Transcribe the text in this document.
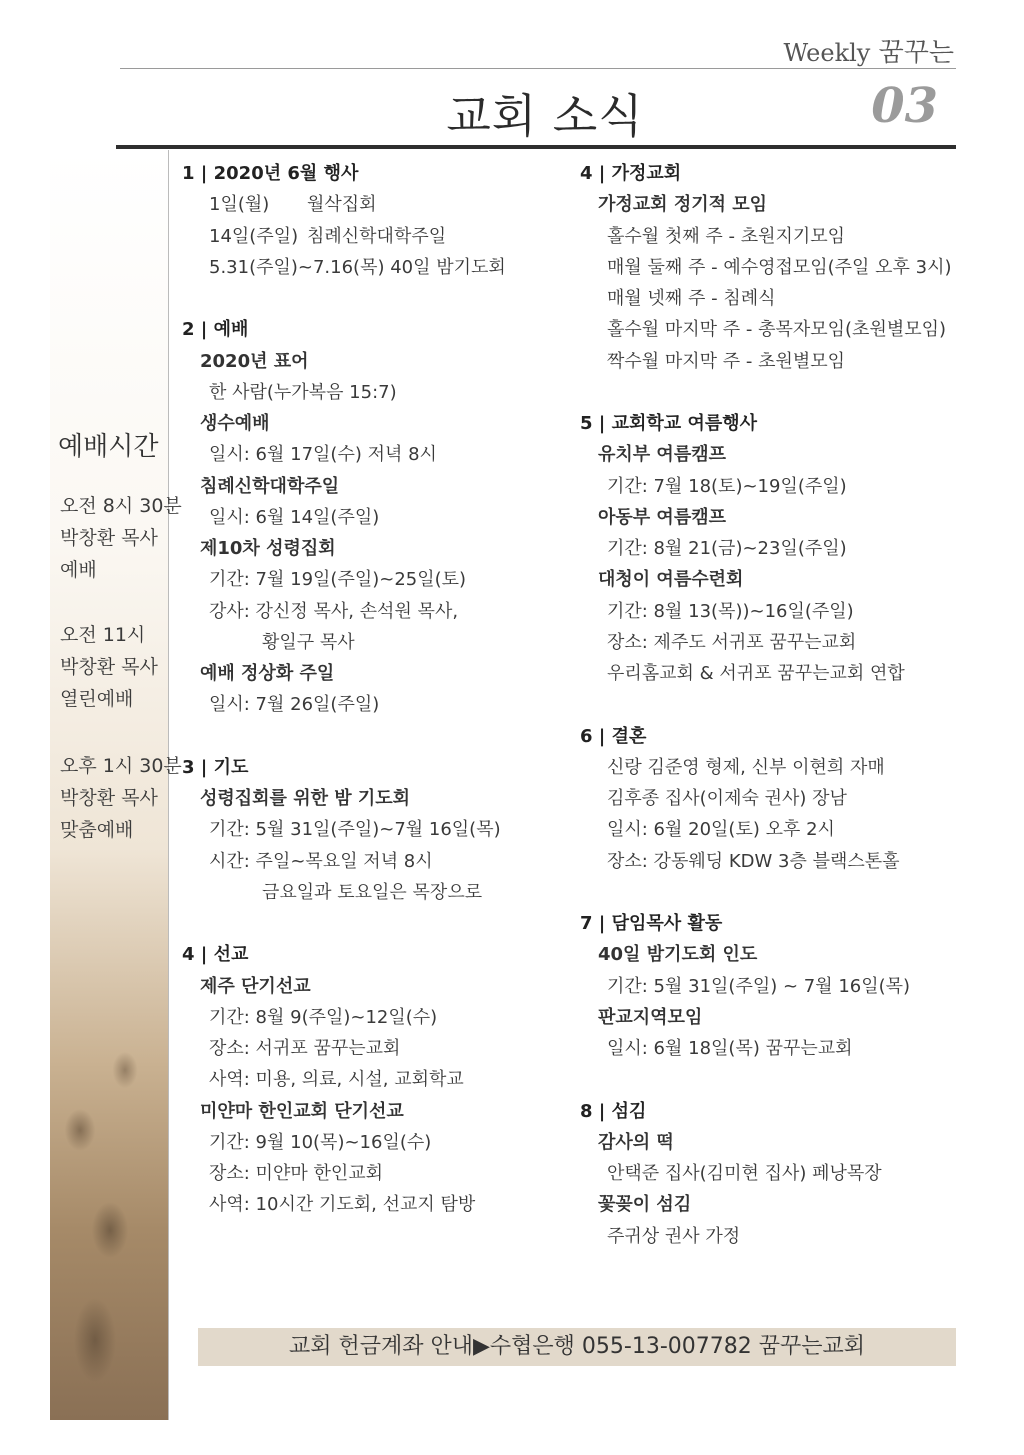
Weekly 꿈꾸는
교회 소식	03
예배시간
오전 8시 30분
박창환 목사
예배
오전 11시
박창환 목사
열린예배
오후 1시 30분
박창환 목사
맞춤예배
1 | 2020년 6월 행사
1일(월) 월삭집회
14일(주일) 침례신학대학주일
5.31(주일)~7.16(목) 40일 밤기도회
2 | 예배
2020년 표어
한 사람(누가복음 15:7)
생수예배
일시: 6월 17일(수) 저녁 8시
침례신학대학주일
일시: 6월 14일(주일)
제10차 성령집회
기간: 7월 19일(주일)~25일(토)
강사: 강신정 목사, 손석원 목사,
황일구 목사
예배 정상화 주일
일시: 7월 26일(주일)
3 | 기도
성령집회를 위한 밤 기도회
기간: 5월 31일(주일)~7월 16일(목)
시간: 주일~목요일 저녁 8시
금요일과 토요일은 목장으로
4 | 선교
제주 단기선교
기간: 8월 9(주일)~12일(수)
장소: 서귀포 꿈꾸는교회
사역: 미용, 의료, 시설, 교회학교
미얀마 한인교회 단기선교
기간: 9월 10(목)~16일(수)
장소: 미얀마 한인교회
사역: 10시간 기도회, 선교지 탐방
4 | 가정교회
가정교회 정기적 모임
홀수월 첫째 주 - 초원지기모임
매월 둘째 주 - 예수영접모임(주일 오후 3시)
매월 넷째 주 - 침례식
홀수월 마지막 주 - 총목자모임(초원별모임)
짝수월 마지막 주 - 초원별모임
5 | 교회학교 여름행사
유치부 여름캠프
기간: 7월 18(토)~19일(주일)
아동부 여름캠프
기간: 8월 21(금)~23일(주일)
대청이 여름수련회
기간: 8월 13(목))~16일(주일)
장소: 제주도 서귀포 꿈꾸는교회
우리홈교회 & 서귀포 꿈꾸는교회 연합
6 | 결혼
신랑 김준영 형제, 신부 이현희 자매
김후종 집사(이제숙 권사) 장남
일시: 6월 20일(토) 오후 2시
장소: 강동웨딩 KDW 3층 블랙스톤홀
7 | 담임목사 활동
40일 밤기도회 인도
기간: 5월 31일(주일) ~ 7월 16일(목)
판교지역모임
일시: 6월 18일(목) 꿈꾸는교회
8 | 섬김
감사의 떡
안택준 집사(김미현 집사) 페낭목장
꽃꽂이 섬김
주귀상 권사 가정
교회 헌금계좌 안내▶수협은행 055-13-007782 꿈꾸는교회
